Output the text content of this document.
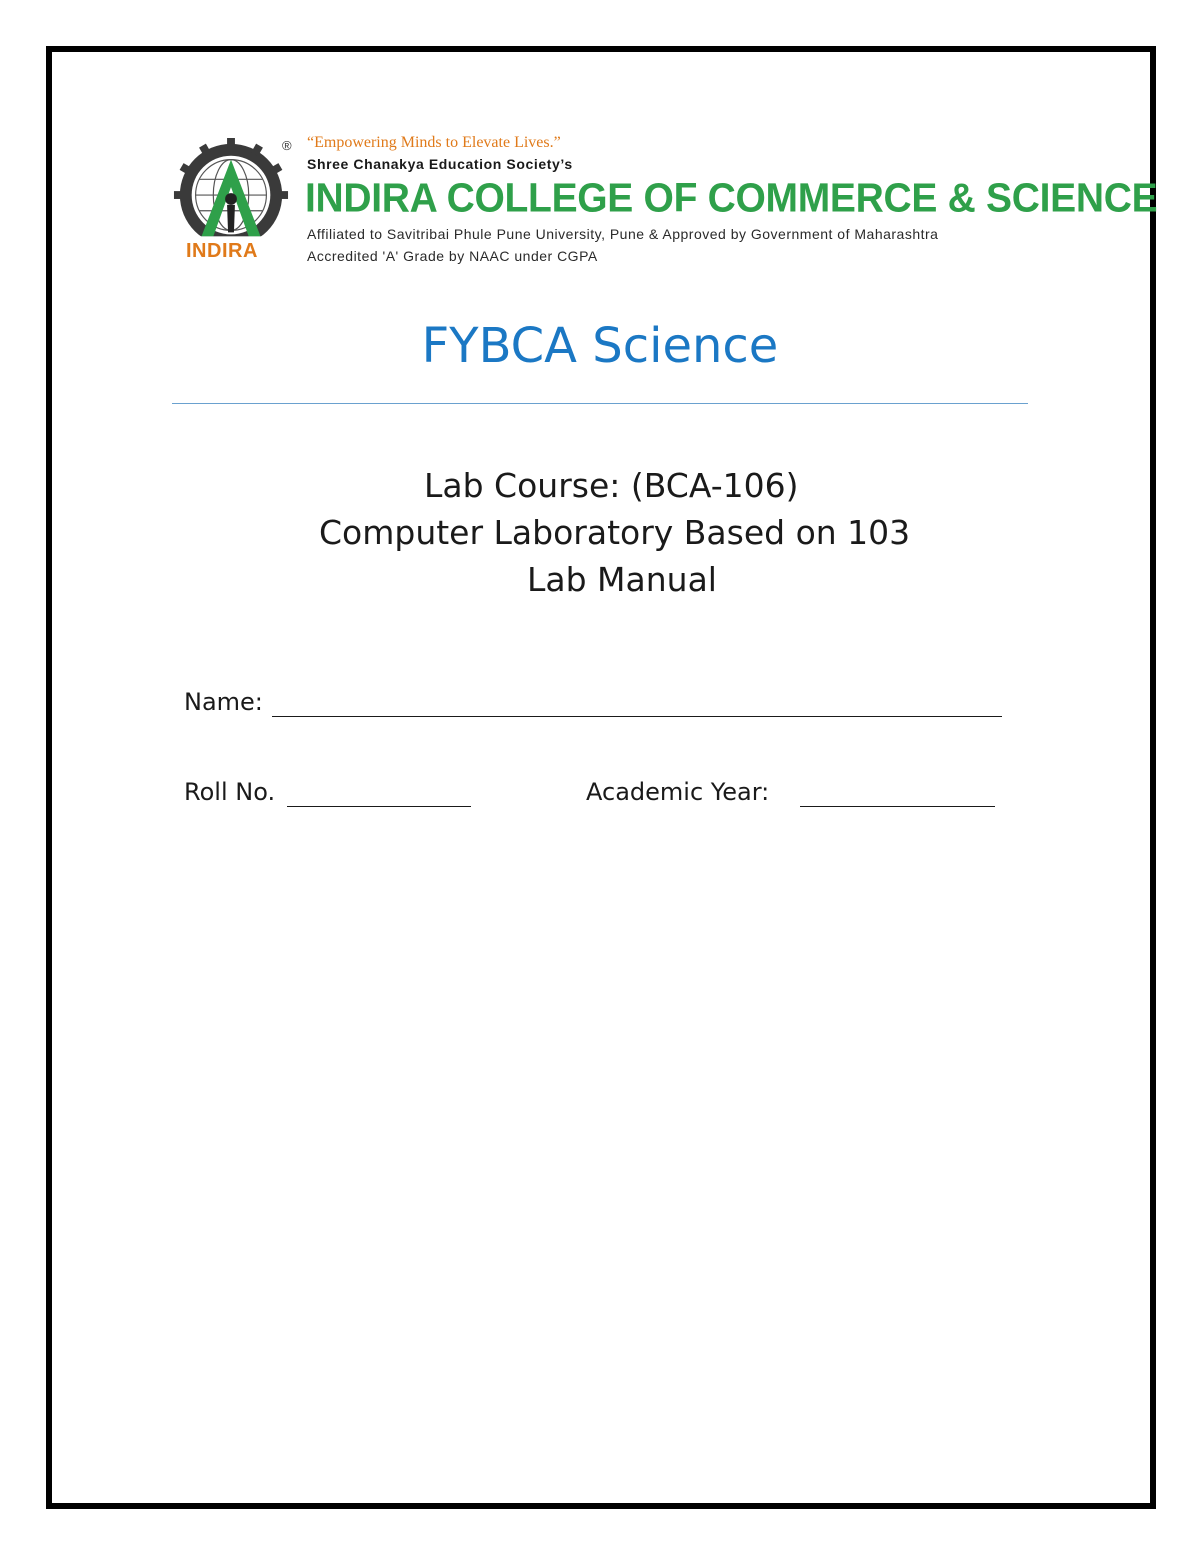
INDIRA
® “Empowering Minds to Elevate Lives.”
Shree Chanakya Education Society’s
INDIRA COLLEGE OF COMMERCE & SCIENCE
Affiliated to Savitribai Phule Pune University, Pune & Approved by Government of Maharashtra
Accredited 'A' Grade by NAAC under CGPA
FYBCA Science
Lab Course: (BCA-106)
Computer Laboratory Based on 103
Lab Manual
Name:
Roll No.	Academic Year:
